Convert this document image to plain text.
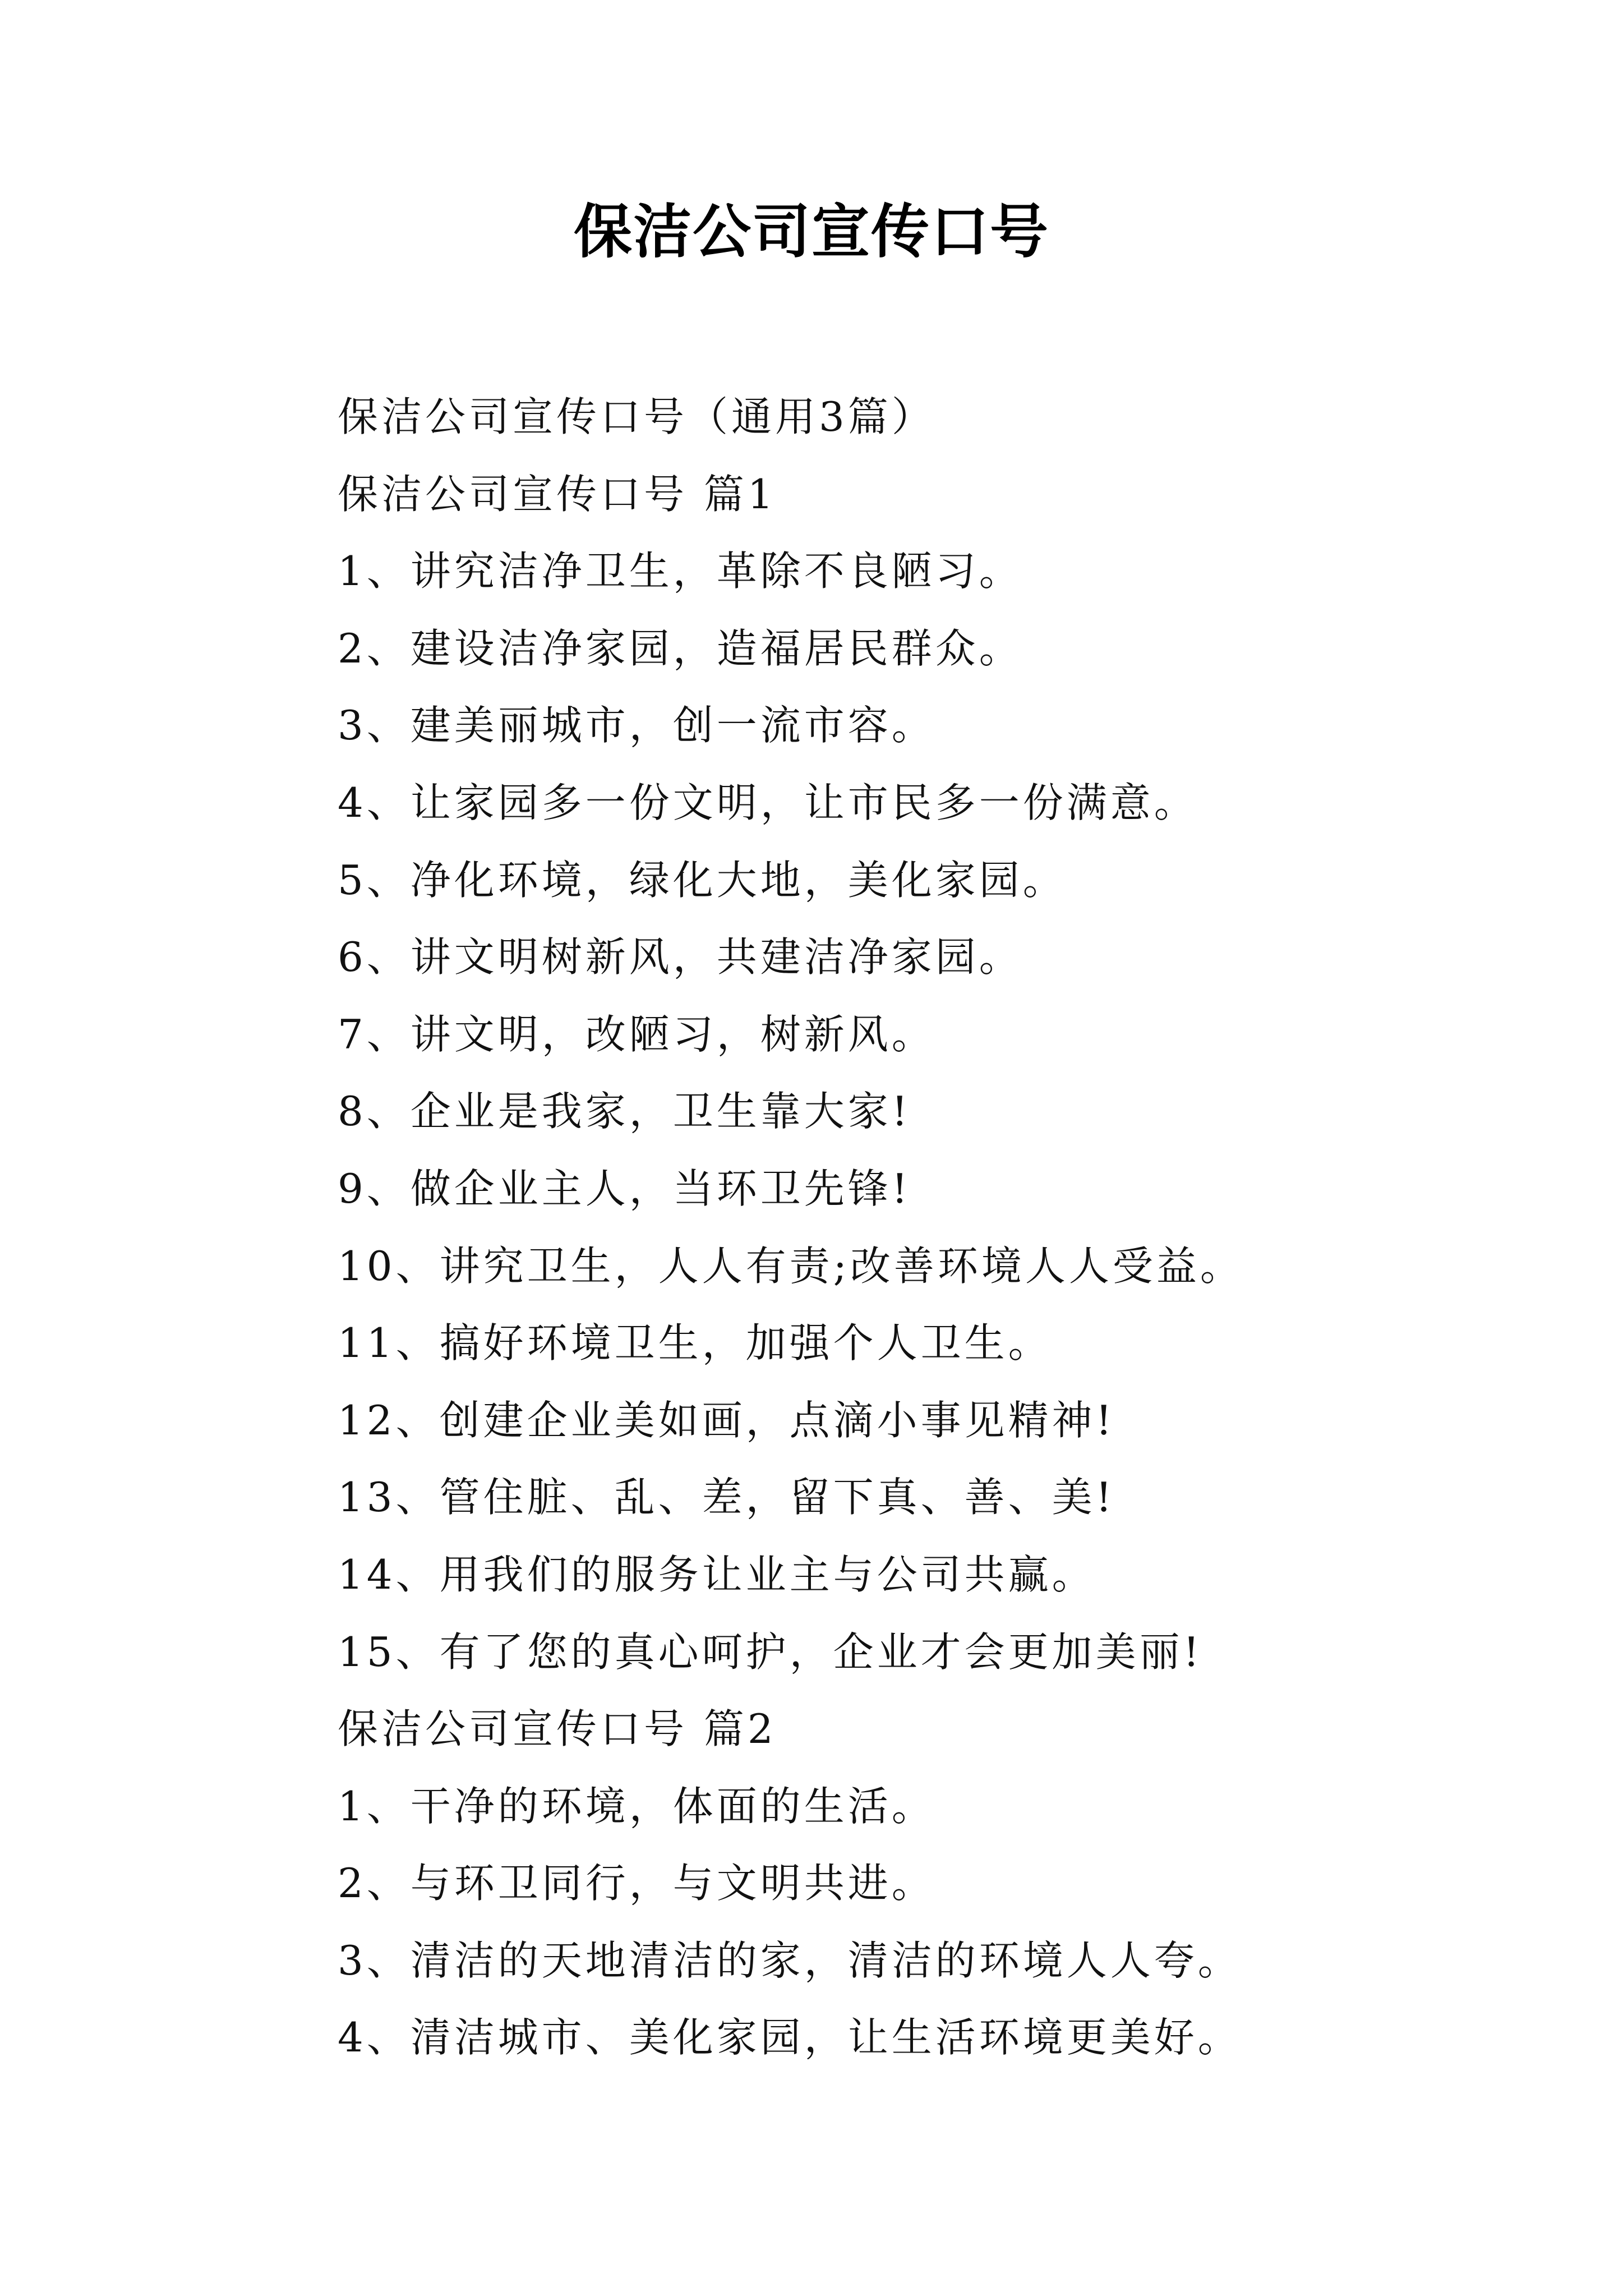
保洁公司宣传口号
保洁公司宣传口号（通用3篇）
保洁公司宣传口号 篇1
1、讲究洁净卫生，革除不良陋习。
2、建设洁净家园，造福居民群众。
3、建美丽城市，创一流市容。
4、让家园多一份文明，让市民多一份满意。
5、净化环境，绿化大地，美化家园。
6、讲文明树新风，共建洁净家园。
7、讲文明，改陋习，树新风。
8、企业是我家，卫生靠大家!
9、做企业主人，当环卫先锋!
10、讲究卫生，人人有责;改善环境人人受益。
11、搞好环境卫生，加强个人卫生。
12、创建企业美如画，点滴小事见精神!
13、管住脏、乱、差，留下真、善、美!
14、用我们的服务让业主与公司共赢。
15、有了您的真心呵护，企业才会更加美丽!
保洁公司宣传口号 篇2
1、干净的环境，体面的生活。
2、与环卫同行，与文明共进。
3、清洁的天地清洁的家，清洁的环境人人夸。
4、清洁城市、美化家园，让生活环境更美好。
